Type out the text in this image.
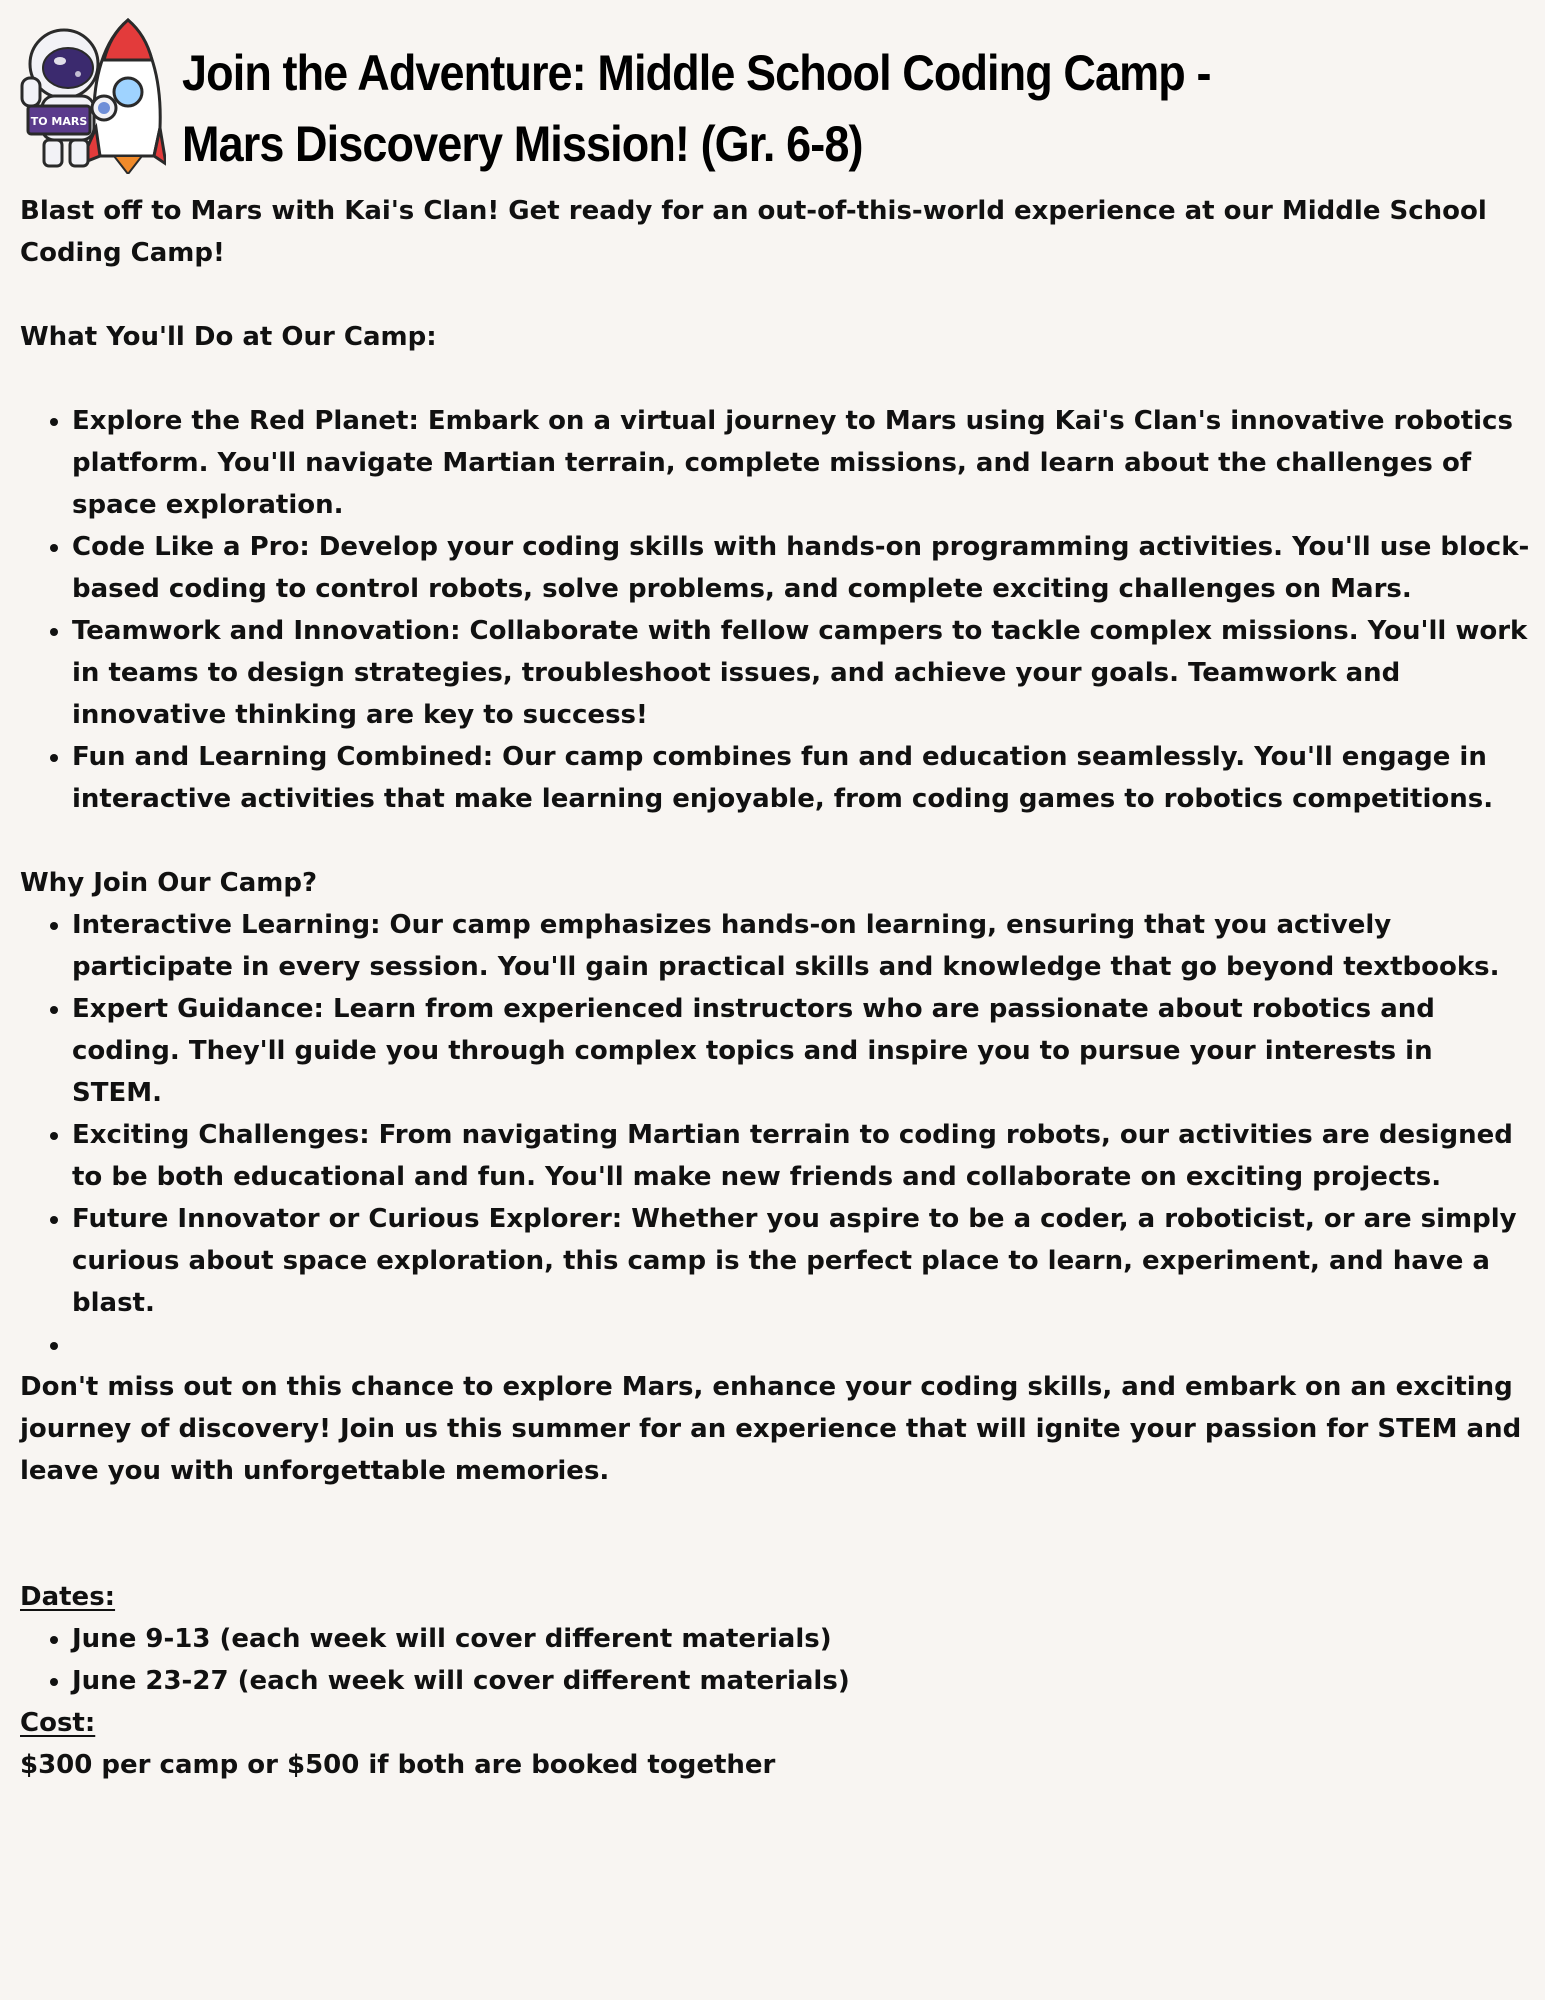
TO MARS
Join the Adventure: Middle School Coding Camp - Mars Discovery Mission! (Gr. 6-8)

Blast off to Mars with Kai's Clan! Get ready for an out-of-this-world experience at our Middle School Coding Camp!

What You'll Do at Our Camp:

• Explore the Red Planet: Embark on a virtual journey to Mars using Kai's Clan's innovative robotics platform. You'll navigate Martian terrain, complete missions, and learn about the challenges of space exploration.
• Code Like a Pro: Develop your coding skills with hands-on programming activities. You'll use block-based coding to control robots, solve problems, and complete exciting challenges on Mars.
• Teamwork and Innovation: Collaborate with fellow campers to tackle complex missions. You'll work in teams to design strategies, troubleshoot issues, and achieve your goals. Teamwork and innovative thinking are key to success!
• Fun and Learning Combined: Our camp combines fun and education seamlessly. You'll engage in interactive activities that make learning enjoyable, from coding games to robotics competitions.

Why Join Our Camp?

• Interactive Learning: Our camp emphasizes hands-on learning, ensuring that you actively participate in every session. You'll gain practical skills and knowledge that go beyond textbooks.
• Expert Guidance: Learn from experienced instructors who are passionate about robotics and coding. They'll guide you through complex topics and inspire you to pursue your interests in STEM.
• Exciting Challenges: From navigating Martian terrain to coding robots, our activities are designed to be both educational and fun. You'll make new friends and collaborate on exciting projects.
• Future Innovator or Curious Explorer: Whether you aspire to be a coder, a roboticist, or are simply curious about space exploration, this camp is the perfect place to learn, experiment, and have a blast.
•

Don't miss out on this chance to explore Mars, enhance your coding skills, and embark on an exciting journey of discovery! Join us this summer for an experience that will ignite your passion for STEM and leave you with unforgettable memories.

Dates:

• June 9-13 (each week will cover different materials)
• June 23-27 (each week will cover different materials)

Cost:

$300 per camp or $500 if both are booked together
